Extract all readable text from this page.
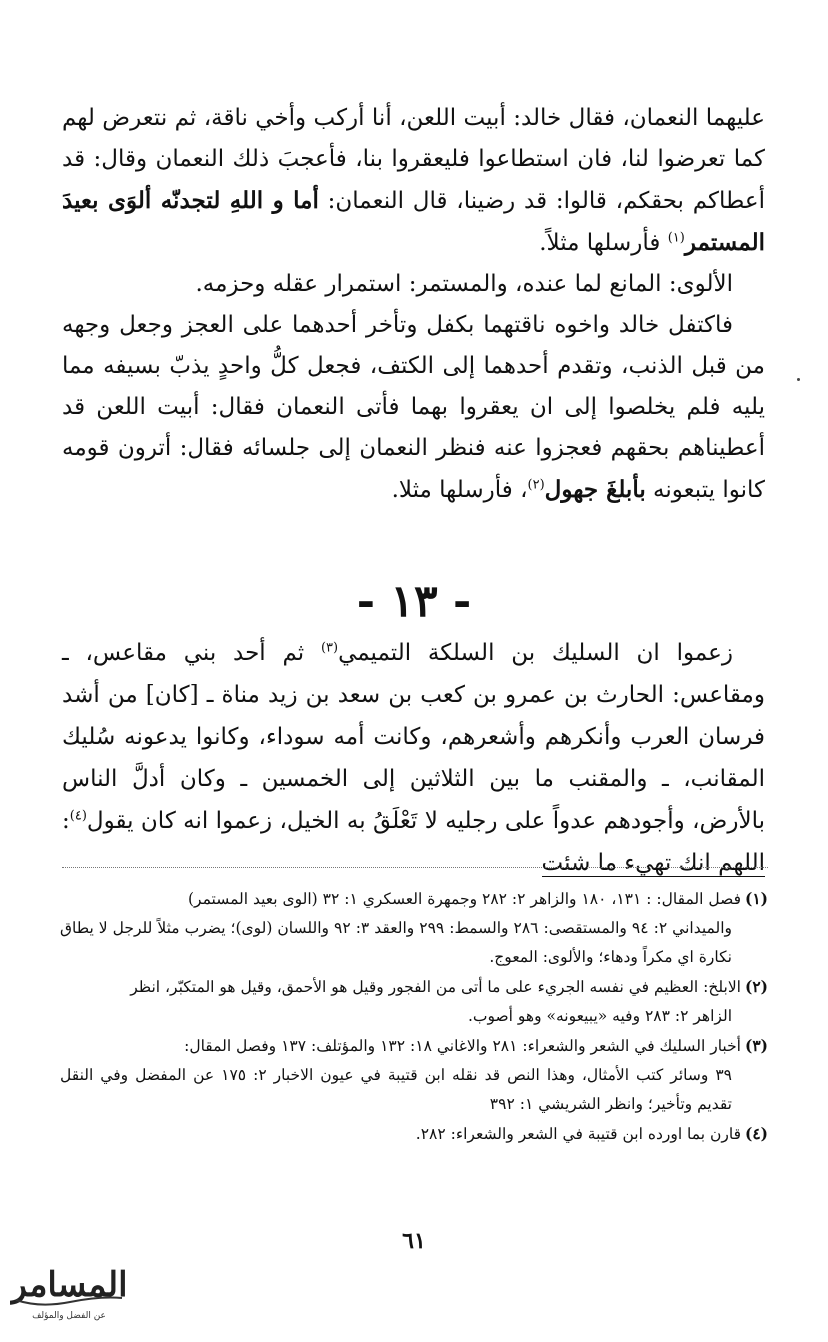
عليهما النعمان، فقال خالد: أبيت اللعن، أنا أركب وأخي ناقة، ثم نتعرض لهم كما تعرضوا لنا، فان استطاعوا فليعقروا بنا، فأعجبَ ذلك النعمان وقال: قد أعطاكم بحقكم، قالوا: قد رضينا، قال النعمان: أما و اللهِ لتجدنّه ألوَى بعيدَ المستمر$^{(١)}$ فأرسلها مثلاً.

الألوى: المانع لما عنده، والمستمر: استمرار عقله وحزمه.

فاكتفل خالد واخوه ناقتهما بكفل وتأخر أحدهما على العجز وجعل وجهه من قبل الذنب، وتقدم أحدهما إلى الكتف، فجعل كلُّ واحدٍ يذبّ بسيفه مما يليه فلم يخلصوا إلى ان يعقروا بهما فأتى النعمان فقال: أبيت اللعن قد أعطيناهم بحقهم فعجزوا عنه فنظر النعمان إلى جلسائه فقال: أترون قومه كانوا يتبعونه بأبلغَ جهول$^{(٢)}$، فأرسلها مثلا.

- ١٣ -

زعموا ان السليك بن السلكة التميمي$^{(٣)}$ ثم أحد بني مقاعس، ـ ومقاعس: الحارث بن عمرو بن كعب بن سعد بن زيد مناة ـ [كان] من أشد فرسان العرب وأنكرهم وأشعرهم، وكانت أمه سوداء، وكانوا يدعونه سُليك المقانب، ـ والمقنب ما بين الثلاثين إلى الخمسين ـ وكان أدلَّ الناس بالأرض، وأجودهم عدواً على رجليه لا تَعْلَقُ به الخيل، زعموا انه كان يقول$^{(٤)}$: اللهم انك تهيء ما شئت

(١)فصل المقال: : ١٣١، ١٨٠ والزاهر ٢: ٢٨٢ وجمهرة العسكري ١: ٣٢ (الوى بعيد المستمر)
والميداني ٢: ٩٤ والمستقصى: ٢٨٦ والسمط: ٢٩٩ والعقد ٣: ٩٢ واللسان (لوى)؛ يضرب مثلاً للرجل لا يطاق نكارة اي مكراً ودهاء؛ والألوى: المعوج.
(٢)الابلخ: العظيم في نفسه الجريء على ما أتى من الفجور وقيل هو الأحمق، وقيل هو المتكبّر، انظر
الزاهر ٢: ٢٨٣ وفيه «يبيعونه» وهو أصوب.
(٣)أخبار السليك في الشعر والشعراء: ٢٨١ والاغاني ١٨: ١٣٢ والمؤتلف: ١٣٧ وفصل المقال:
٣٩ وسائر كتب الأمثال، وهذا النص قد نقله ابن قتيبة في عيون الاخبار ٢: ١٧٥ عن المفضل وفي النقل تقديم وتأخير؛ وانظر الشريشي ١: ٣٩٢
(٤)قارن بما اورده ابن قتيبة في الشعر والشعراء: ٢٨٢.
٦١
المسامر
عن الفضل والمؤلف
